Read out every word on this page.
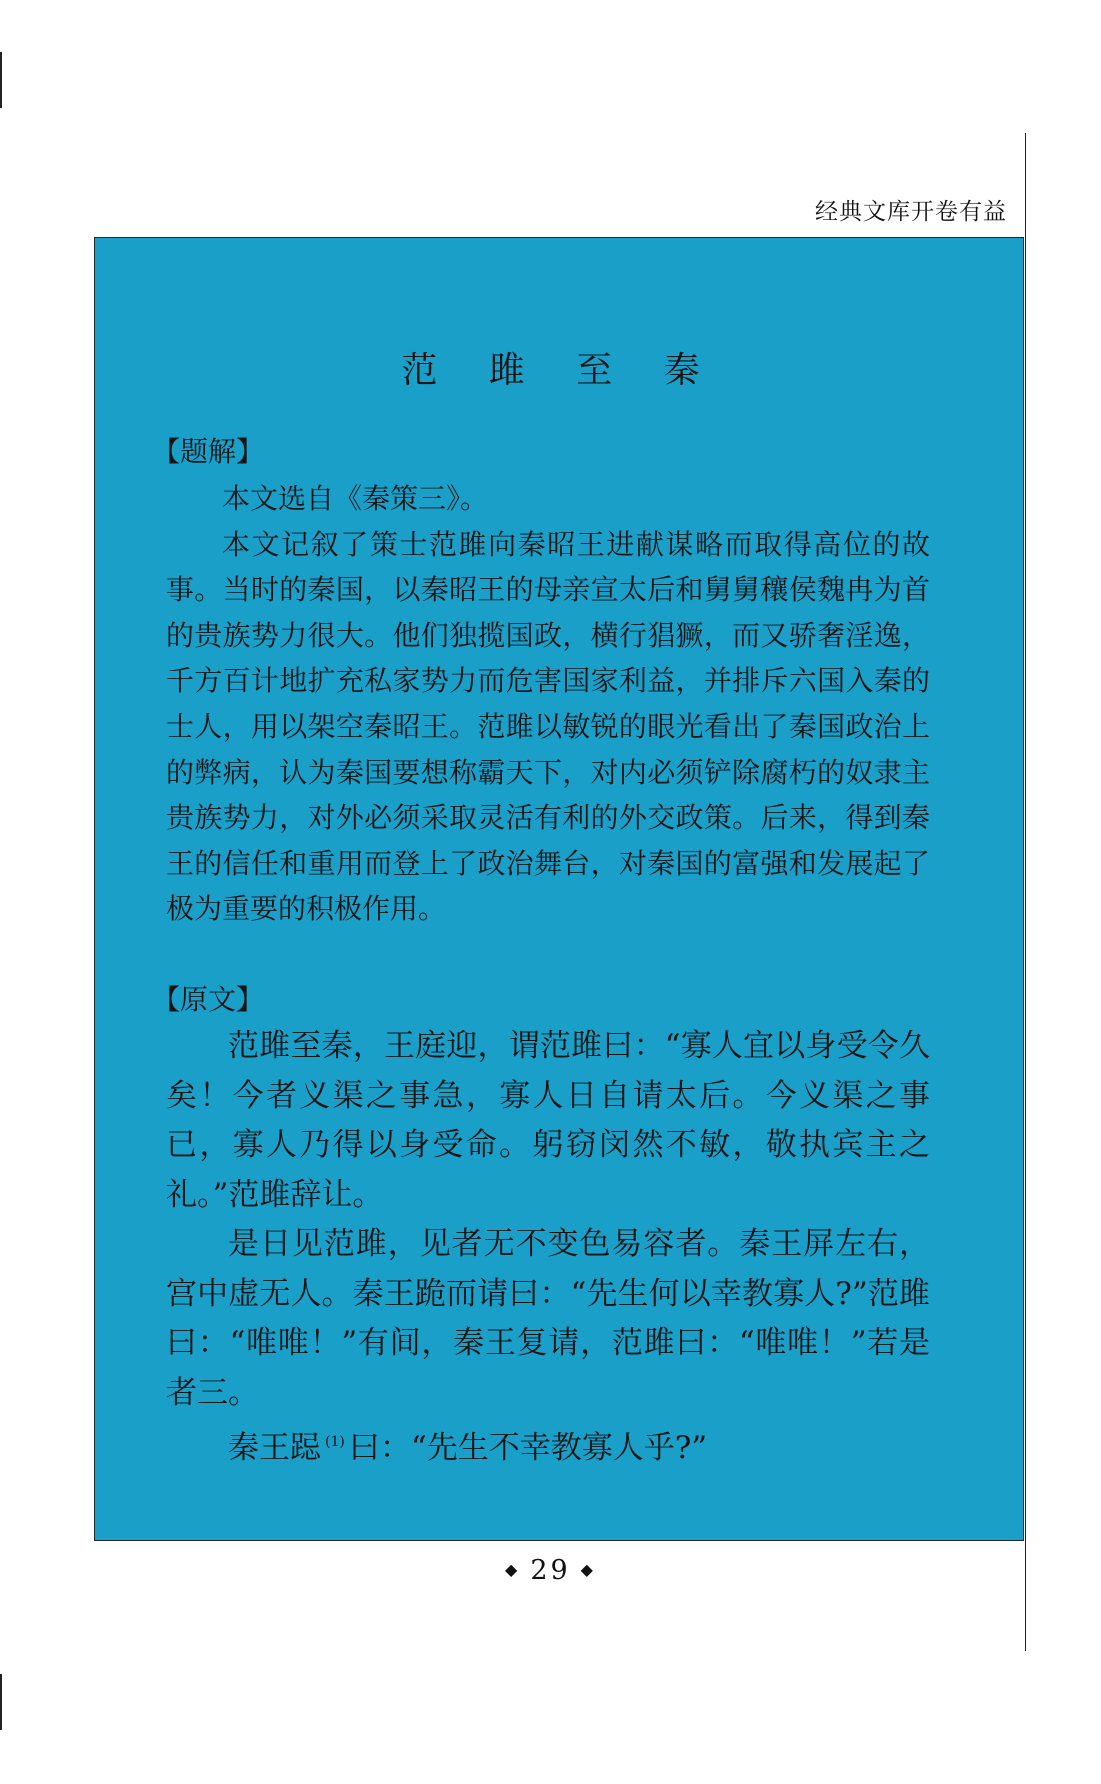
经典文库开卷有益
范 雎 至 秦
【题解】

本文选自《秦策三》。

本文记叙了策士范雎向秦昭王进献谋略而取得高位的故事。当时的秦国，以秦昭王的母亲宣太后和舅舅穰侯魏冉为首的贵族势力很大。他们独揽国政，横行猖獗，而又骄奢淫逸，千方百计地扩充私家势力而危害国家利益，并排斥六国入秦的士人，用以架空秦昭王。范雎以敏锐的眼光看出了秦国政治上的弊病，认为秦国要想称霸天下，对内必须铲除腐朽的奴隶主贵族势力，对外必须采取灵活有利的外交政策。后来，得到秦王的信任和重用而登上了政治舞台，对秦国的富强和发展起了极为重要的积极作用。

【原文】

范雎至秦，王庭迎，谓范雎曰：“寡人宜以身受令久矣！今者义渠之事急，寡人日自请太后。今义渠之事已，寡人乃得以身受命。躬窃闵然不敏，敬执宾主之礼。”范雎辞让。

是日见范雎，见者无不变色易容者。秦王屏左右，宫中虚无人。秦王跪而请曰：“先生何以幸教寡人?”范雎曰：“唯唯！”有间，秦王复请，范雎曰：“唯唯！”若是者三。

秦王跽 $^{(1)}$ 曰：“先生不幸教寡人乎?”

◆ 29 ◆
